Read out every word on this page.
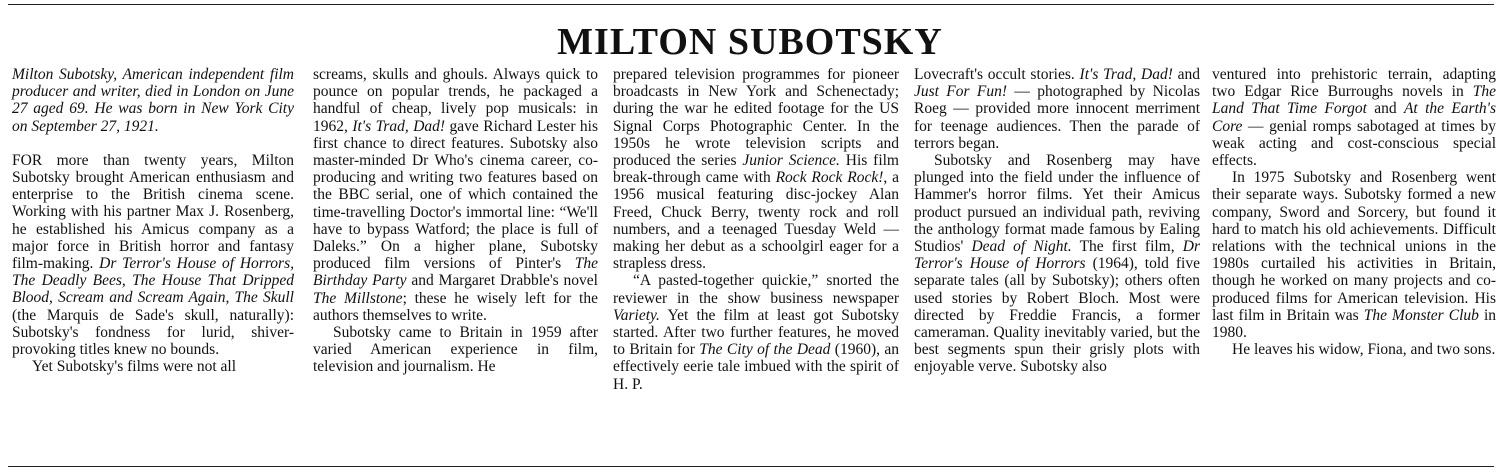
MILTON SUBOTSKY

Milton Subotsky, American independent film producer and writer, died in London on June 27 aged 69. He was born in New York City on September 27, 1921.

FOR more than twenty years, Milton Subotsky brought American enthusiasm and enterprise to the British cinema scene. Working with his partner Max J. Rosenberg, he established his Amicus company as a major force in British horror and fantasy film-making. Dr Terror's House of Horrors, The Deadly Bees, The House That Dripped Blood, Scream and Scream Again, The Skull (the Marquis de Sade's skull, naturally): Subotsky's fondness for lurid, shiver-provoking titles knew no bounds.

Yet Subotsky's films were not all

screams, skulls and ghouls. Always quick to pounce on popular trends, he packaged a handful of cheap, lively pop musicals: in 1962, It's Trad, Dad! gave Richard Lester his first chance to direct features. Subotsky also master-minded Dr Who's cinema career, co-producing and writing two features based on the BBC serial, one of which contained the time-travelling Doctor's immortal line: “We'll have to bypass Watford; the place is full of Daleks.” On a higher plane, Subotsky produced film versions of Pinter's The Birthday Party and Margaret Drabble's novel The Millstone; these he wisely left for the authors themselves to write.

Subotsky came to Britain in 1959 after varied American experience in film, television and journalism. He

prepared television programmes for pioneer broadcasts in New York and Schenectady; during the war he edited footage for the US Signal Corps Photographic Center. In the 1950s he wrote television scripts and produced the series Junior Science. His film break-through came with Rock Rock Rock!, a 1956 musical featuring disc-jockey Alan Freed, Chuck Berry, twenty rock and roll numbers, and a teenaged Tuesday Weld — making her debut as a schoolgirl eager for a strapless dress.

“A pasted-together quickie,” snorted the reviewer in the show business newspaper Variety. Yet the film at least got Subotsky started. After two further features, he moved to Britain for The City of the Dead (1960), an effectively eerie tale imbued with the spirit of H. P.

Lovecraft's occult stories. It's Trad, Dad! and Just For Fun! — photographed by Nicolas Roeg — provided more innocent merriment for teenage audiences. Then the parade of terrors began.

Subotsky and Rosenberg may have plunged into the field under the influence of Hammer's horror films. Yet their Amicus product pursued an individual path, reviving the anthology format made famous by Ealing Studios' Dead of Night. The first film, Dr Terror's House of Horrors (1964), told five separate tales (all by Subotsky); others often used stories by Robert Bloch. Most were directed by Freddie Francis, a former cameraman. Quality inevitably varied, but the best segments spun their grisly plots with enjoyable verve. Subotsky also

ventured into prehistoric terrain, adapting two Edgar Rice Burroughs novels in The Land That Time Forgot and At the Earth's Core — genial romps sabotaged at times by weak acting and cost-conscious special effects.

In 1975 Subotsky and Rosenberg went their separate ways. Subotsky formed a new company, Sword and Sorcery, but found it hard to match his old achievements. Difficult relations with the technical unions in the 1980s curtailed his activities in Britain, though he worked on many projects and co-produced films for American television. His last film in Britain was The Monster Club in 1980.

He leaves his widow, Fiona, and two sons.
